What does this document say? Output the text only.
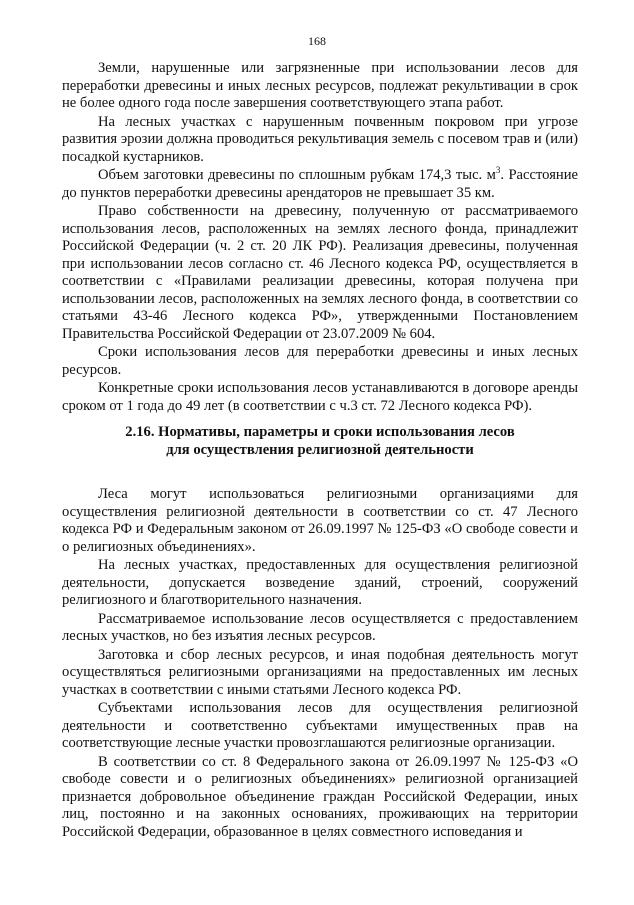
168

Земли, нарушенные или загрязненные при использовании лесов для переработки древесины и иных лесных ресурсов, подлежат рекультивации в срок не более одного года после завершения соответствующего этапа работ.

На лесных участках с нарушенным почвенным покровом при угрозе развития эрозии должна проводиться рекультивация земель с посевом трав и (или) посадкой кустарников.

Объем заготовки древесины по сплошным рубкам 174,3 тыс. $м^3$. Расстояние до пунктов переработки древесины арендаторов не превышает 35 км.

Право собственности на древесину, полученную от рассматриваемого использования лесов, расположенных на землях лесного фонда, принадлежит Российской Федерации (ч. 2 ст. 20 ЛК РФ). Реализация древесины, полученная при использовании лесов согласно ст. 46 Лесного кодекса РФ, осуществляется в соответствии с «Правилами реализации древесины, которая получена при использовании лесов, расположенных на землях лесного фонда, в соответствии со статьями 43-46 Лесного кодекса РФ», утвержденными Постановлением Правительства Российской Федерации от 23.07.2009 № 604.

Сроки использования лесов для переработки древесины и иных лесных ресурсов.

Конкретные сроки использования лесов устанавливаются в договоре аренды сроком от 1 года до 49 лет (в соответствии с ч.3 ст. 72 Лесного кодекса РФ).

2.16. Нормативы, параметры и сроки использования лесов
для осуществления религиозной деятельности

Леса могут использоваться религиозными организациями для осуществления религиозной деятельности в соответствии со ст. 47 Лесного кодекса РФ и Федеральным законом от 26.09.1997 № 125-ФЗ «О свободе совести и о религиозных объединениях».

На лесных участках, предоставленных для осуществления религиозной деятельности, допускается возведение зданий, строений, сооружений религиозного и благотворительного назначения.

Рассматриваемое использование лесов осуществляется с предоставлением лесных участков, но без изъятия лесных ресурсов.

Заготовка и сбор лесных ресурсов, и иная подобная деятельность могут осуществляться религиозными организациями на предоставленных им лесных участках в соответствии с иными статьями Лесного кодекса РФ.

Субъектами использования лесов для осуществления религиозной деятельности и соответственно субъектами имущественных прав на соответствующие лесные участки провозглашаются религиозные организации.

В соответствии со ст. 8 Федерального закона от 26.09.1997 № 125-ФЗ «О свободе совести и о религиозных объединениях» религиозной организацией признается добровольное объединение граждан Российской Федерации, иных лиц, постоянно и на законных основаниях, проживающих на территории Российской Федерации, образованное в целях совместного исповедания и
